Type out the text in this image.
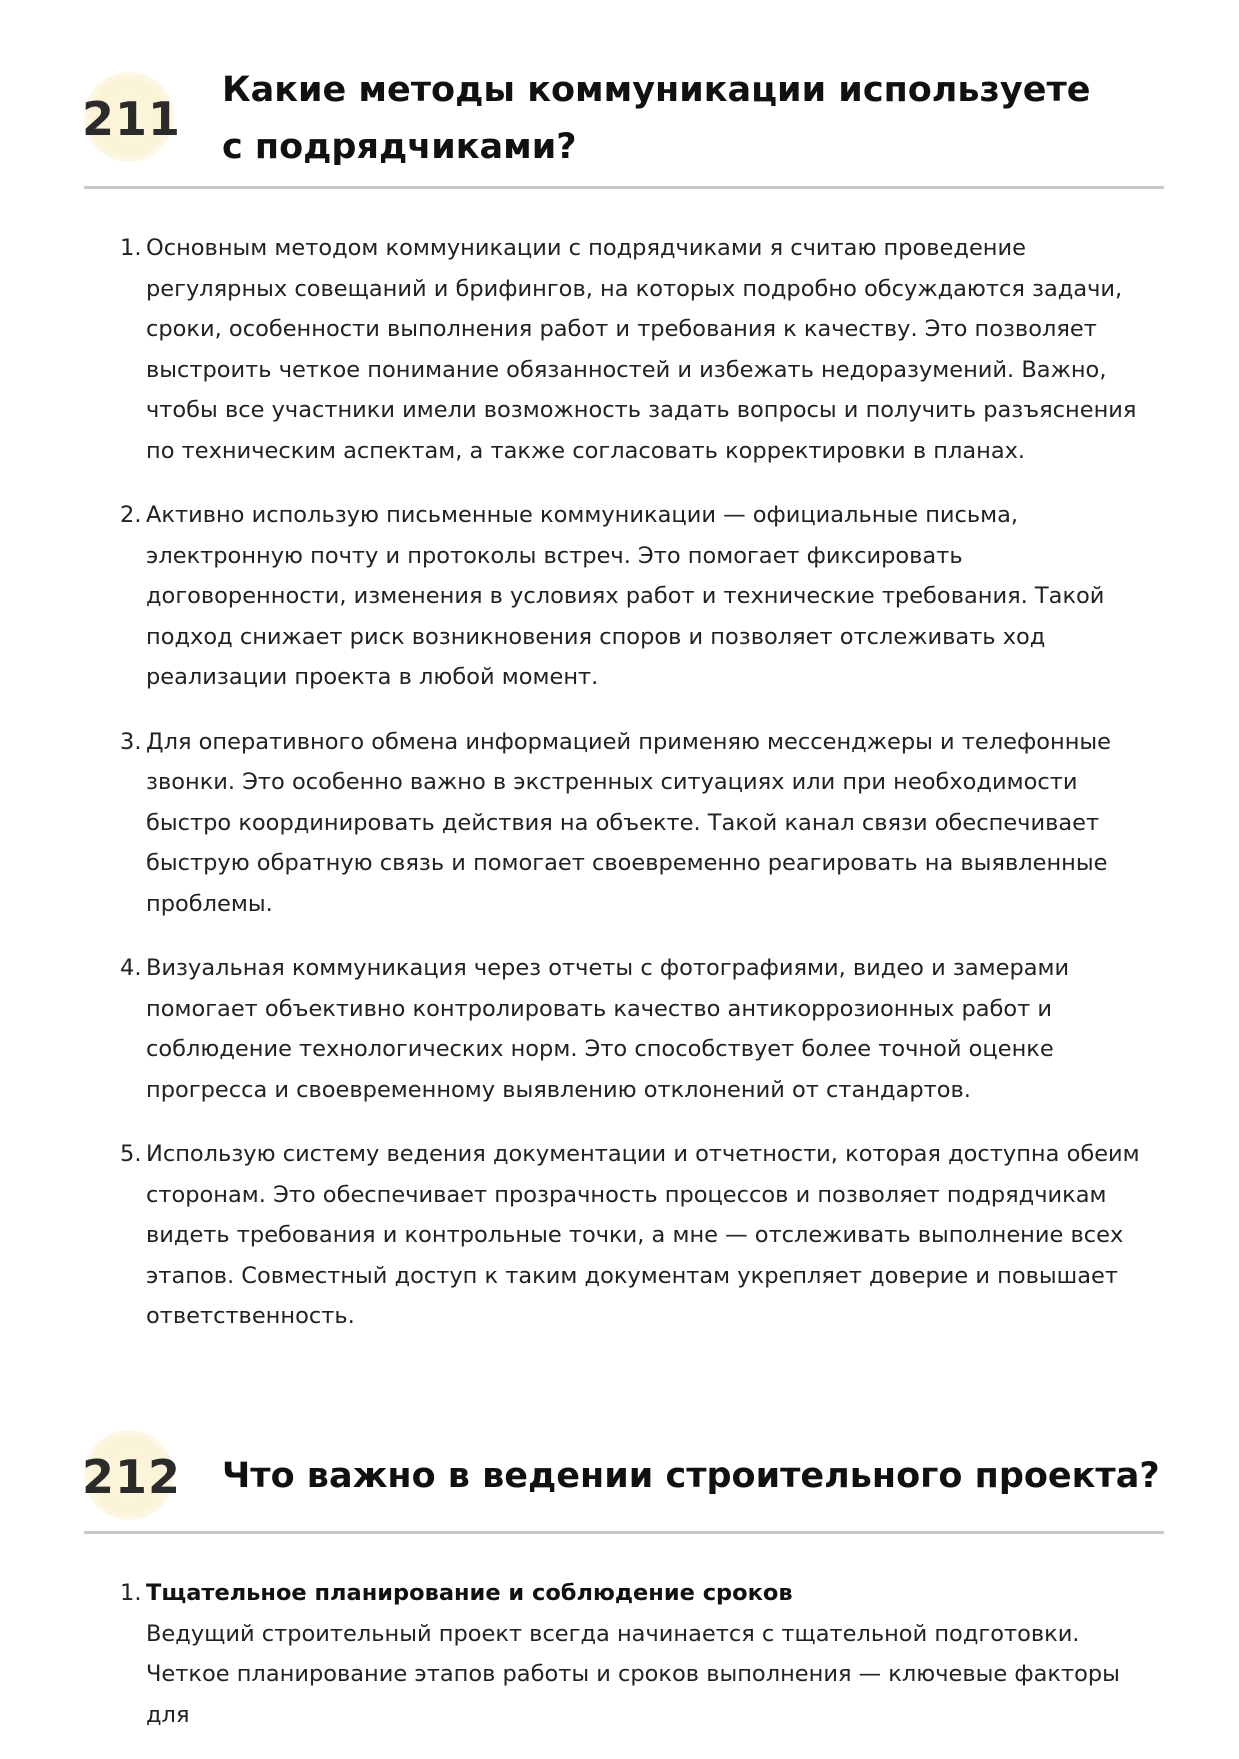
211
Какие методы коммуникации используете с подрядчиками?
1. Основным методом коммуникации с подрядчиками я считаю проведение регулярных совещаний и брифингов, на которых подробно обсуждаются задачи, сроки, особенности выполнения работ и требования к качеству. Это позволяет выстроить четкое понимание обязанностей и избежать недоразумений. Важно, чтобы все участники имели возможность задать вопросы и получить разъяснения по техническим аспектам, а также согласовать корректировки в планах.
2. Активно использую письменные коммуникации — официальные письма, электронную почту и протоколы встреч. Это помогает фиксировать договоренности, изменения в условиях работ и технические требования. Такой подход снижает риск возникновения споров и позволяет отслеживать ход реализации проекта в любой момент.
3. Для оперативного обмена информацией применяю мессенджеры и телефонные звонки. Это особенно важно в экстренных ситуациях или при необходимости быстро координировать действия на объекте. Такой канал связи обеспечивает быструю обратную связь и помогает своевременно реагировать на выявленные проблемы.
4. Визуальная коммуникация через отчеты с фотографиями, видео и замерами помогает объективно контролировать качество антикоррозионных работ и соблюдение технологических норм. Это способствует более точной оценке прогресса и своевременному выявлению отклонений от стандартов.
5. Использую систему ведения документации и отчетности, которая доступна обеим сторонам. Это обеспечивает прозрачность процессов и позволяет подрядчикам видеть требования и контрольные точки, а мне — отслеживать выполнение всех этапов. Совместный доступ к таким документам укрепляет доверие и повышает ответственность.
212 Что важно в ведении строительного проекта?
1. Тщательное планирование и соблюдение сроков
Ведущий строительный проект всегда начинается с тщательной подготовки. Четкое планирование этапов работы и сроков выполнения — ключевые факторы для
